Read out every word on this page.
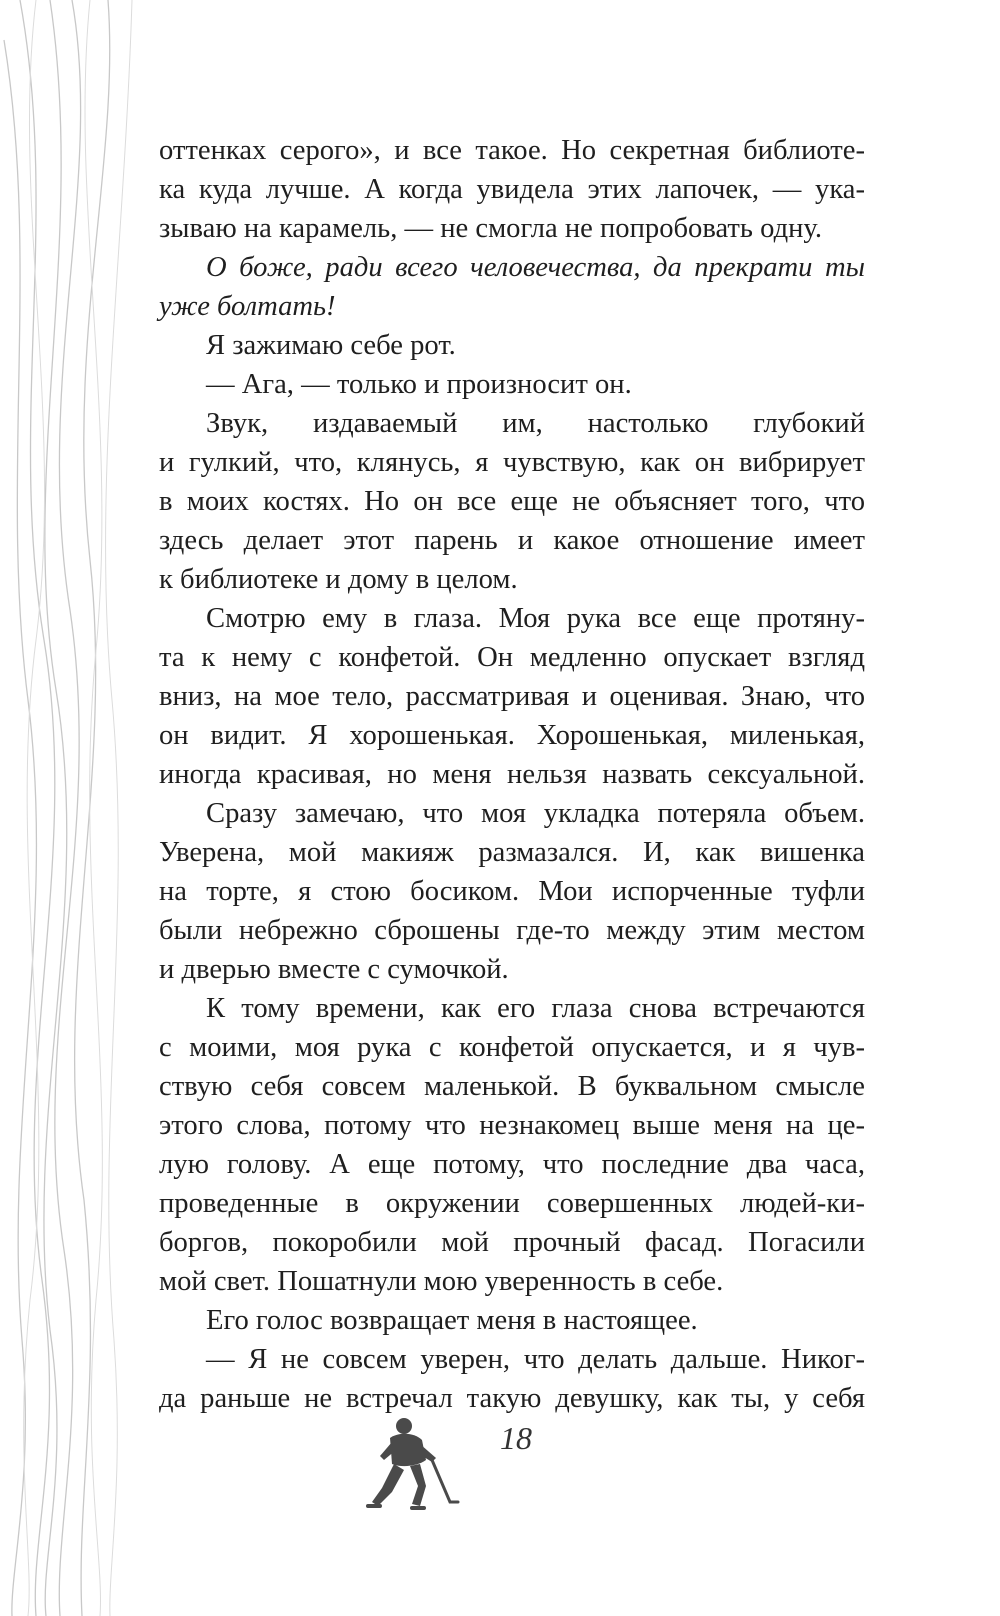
оттенках серого», и все такое. Но секретная библиоте-
ка куда лучше. А когда увидела этих лапочек, — ука-
зываю на карамель, — не смогла не попробовать одну.
О боже, ради всего человечества, да прекрати ты
уже болтать!
Я зажимаю себе рот.
— Ага, — только и произносит он.
Звук, издаваемый им, настолько глубокий
и гулкий, что, клянусь, я чувствую, как он вибрирует
в моих костях. Но он все еще не объясняет того, что
здесь делает этот парень и какое отношение имеет
к библиотеке и дому в целом.
Смотрю ему в глаза. Моя рука все еще протяну-
та к нему с конфетой. Он медленно опускает взгляд
вниз, на мое тело, рассматривая и оценивая. Знаю, что
он видит. Я хорошенькая. Хорошенькая, миленькая,
иногда красивая, но меня нельзя назвать сексуальной.
Сразу замечаю, что моя укладка потеряла объем.
Уверена, мой макияж размазался. И, как вишенка
на торте, я стою босиком. Мои испорченные туфли
были небрежно сброшены где-то между этим местом
и дверью вместе с сумочкой.
К тому времени, как его глаза снова встречаются
с моими, моя рука с конфетой опускается, и я чув-
ствую себя совсем маленькой. В буквальном смысле
этого слова, потому что незнакомец выше меня на це-
лую голову. А еще потому, что последние два часа,
проведенные в окружении совершенных людей-ки-
боргов, покоробили мой прочный фасад. Погасили
мой свет. Пошатнули мою уверенность в себе.
Его голос возвращает меня в настоящее.
— Я не совсем уверен, что делать дальше. Никог-
да раньше не встречал такую девушку, как ты, у себя
18
